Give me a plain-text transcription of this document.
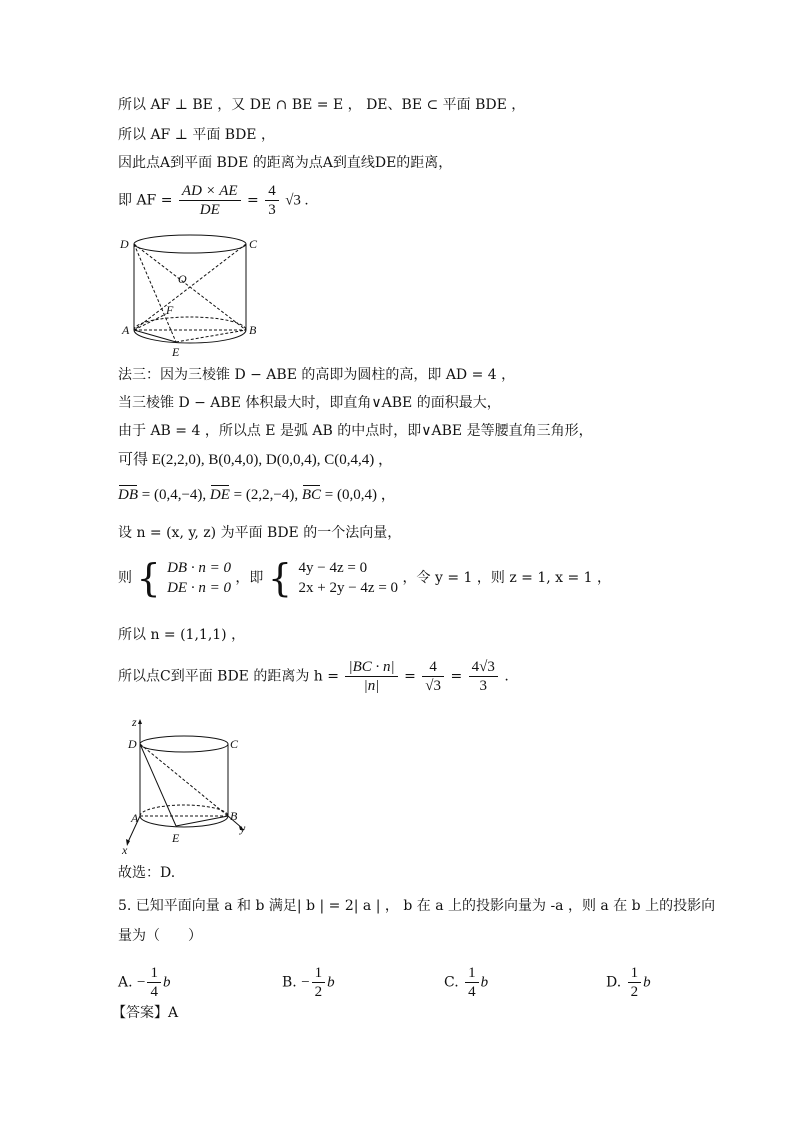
所以 AF ⊥ BE ，又 DE ∩ BE = E ， DE、BE ⊂ 平面 BDE ，
所以 AF ⊥ 平面 BDE ，
因此点A到平面 BDE 的距离为点A到直线DE的距离，
即 AF = $\frac{AD \times AE}{DE} = \frac{4}{3} √3$ .
D	C
O
F
A	B
E
法三：因为三棱锥 D − ABE 的高即为圆柱的高，即 AD = 4 ，
当三棱锥 D − ABE 体积最大时，即直角∨ABE 的面积最大，
由于 AB = 4 ，所以点 E 是弧 AB 的中点时，即∨ABE 是等腰直角三角形，
可得 E(2,2,0), B(0,4,0), D(0,0,4), C(0,4,4) ，
DB = (0,4,−4), DE = (2,2,−4), BC = (0,0,4) ，
设 n = (x, y, z) 为平面 BDE 的一个法向量，
则 { DB · n = 0
DE · n = 0
，即 { 4y − 4z = 0
2x + 2y − 4z = 0
，令 y = 1 ，则 z = 1, x = 1 ，
所以 n = (1,1,1) ，
所以点C到平面 BDE 的距离为 $h = \frac{|BC \cdot n|}{|n|} = \frac{4}{√3} = \frac{4√3}{3}$ .
z
D	C
A	B
y
E
x
故选：D.
5. 已知平面向量 a 和 b 满足| b | = 2| a | ， b 在 a 上的投影向量为 -a ，则 a 在 b 上的投影向
量为（　　）
A. − $\frac{1}{4}$ b	B. − $\frac{1}{2}$ b	C. $\frac{1}{4}$ b	D. $\frac{1}{2}$ b
【答案】A
